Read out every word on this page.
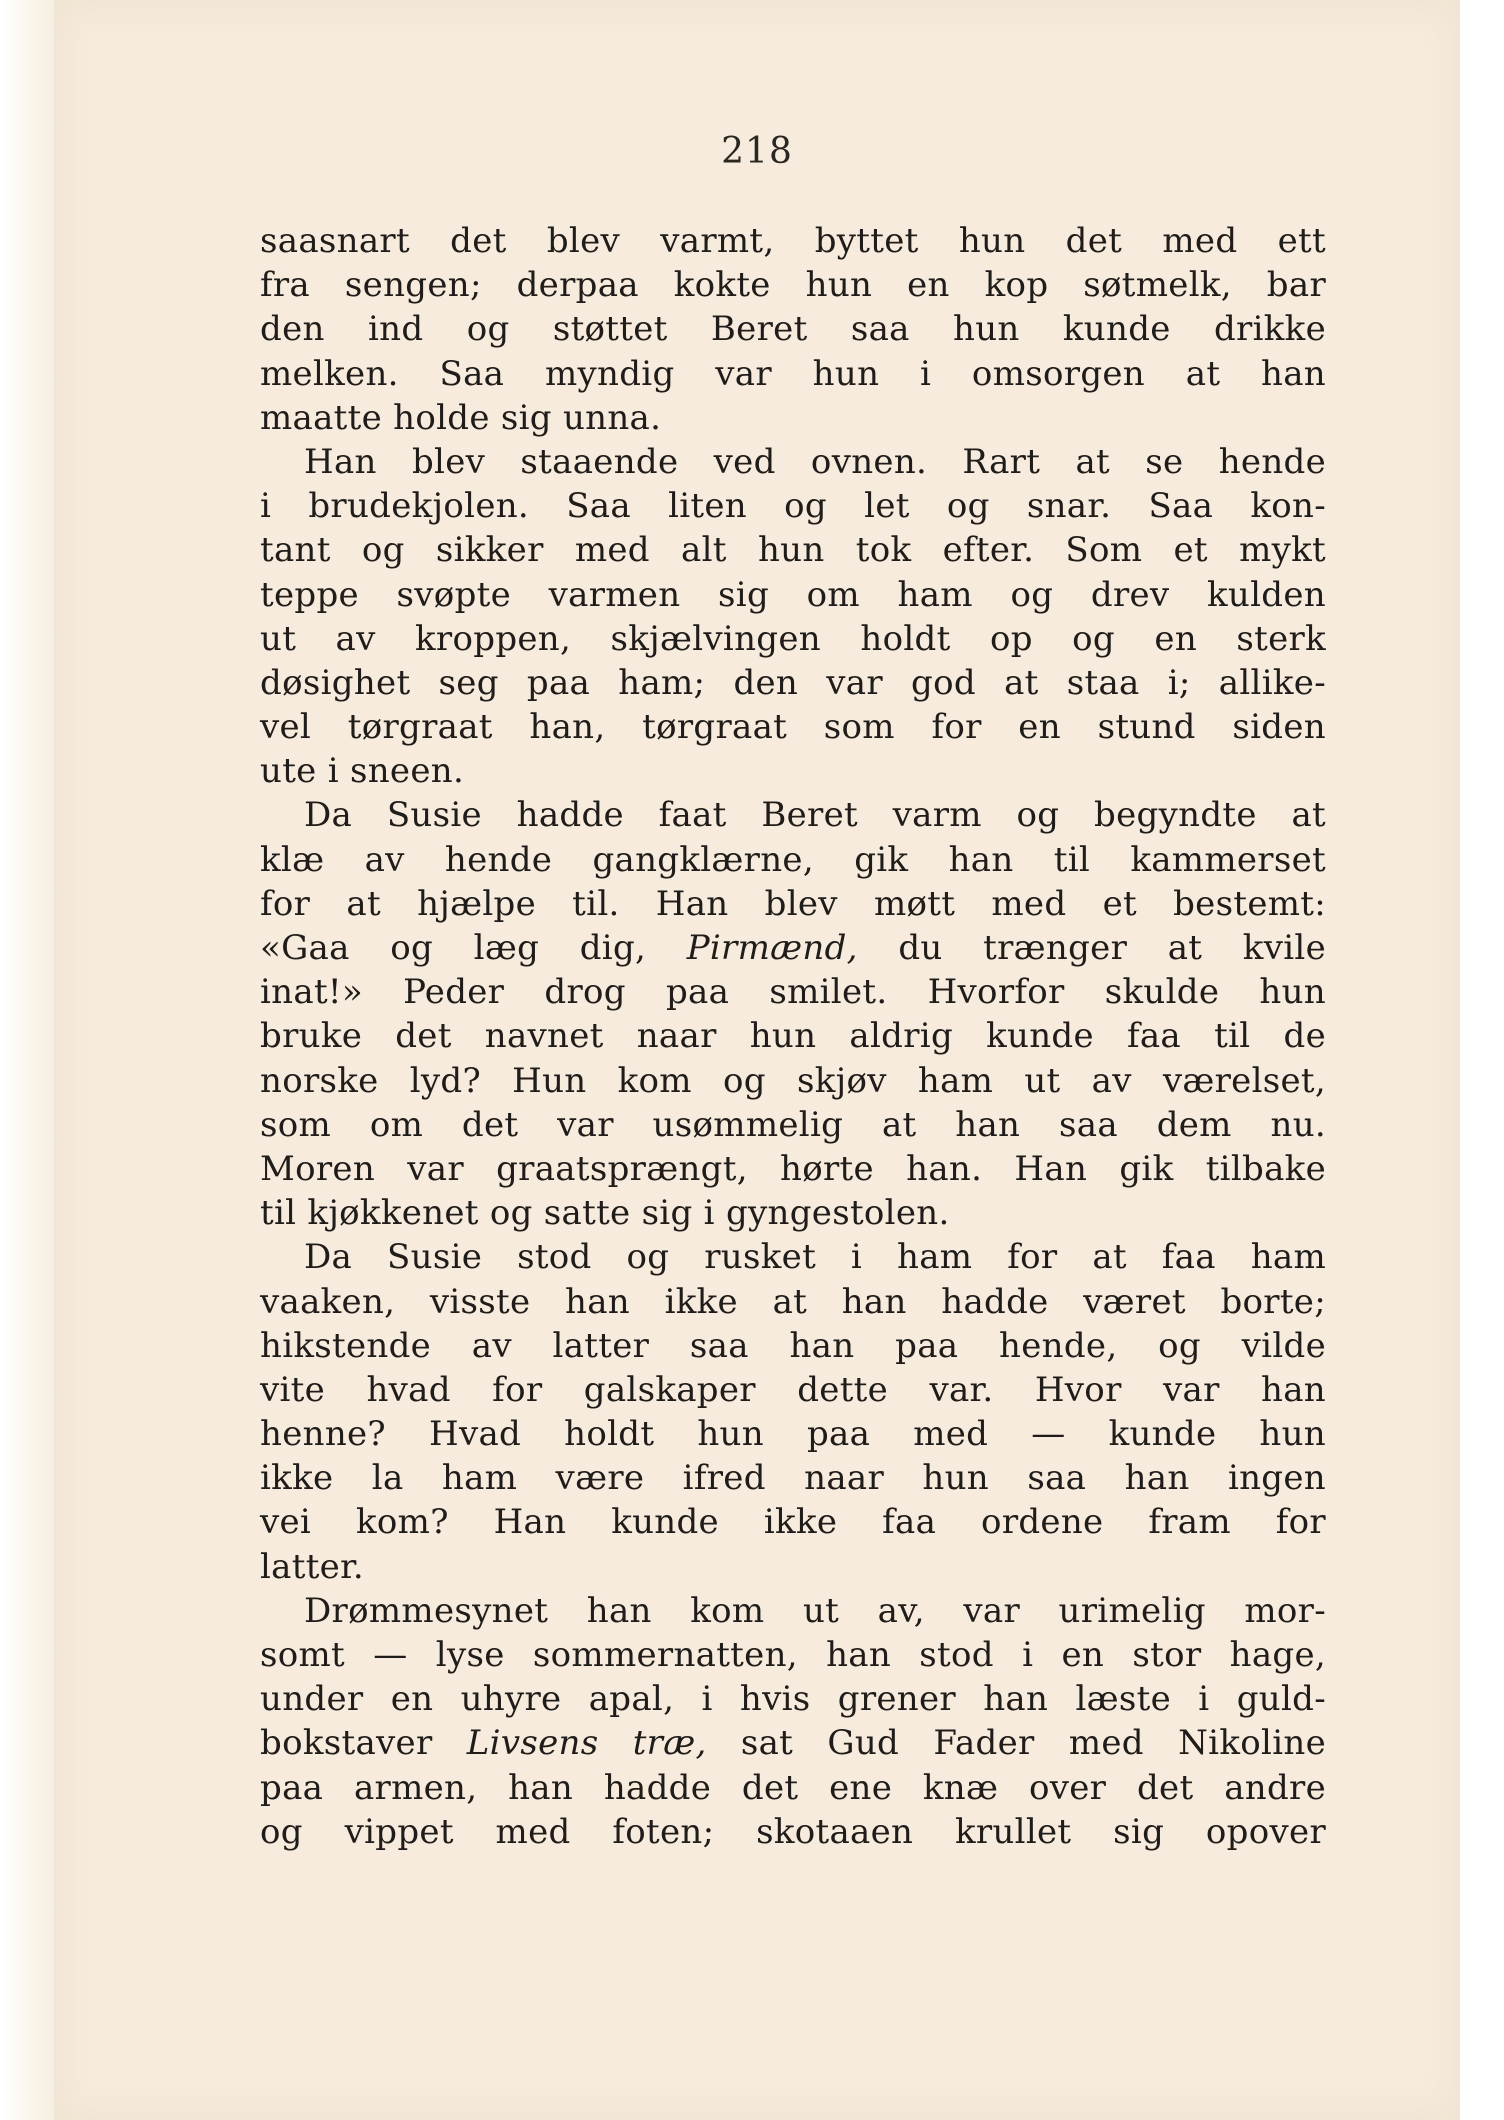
218
saasnart det blev varmt, byttet hun det med ett
fra sengen; derpaa kokte hun en kop søtmelk, bar
den ind og støttet Beret saa hun kunde drikke
melken. Saa myndig var hun i omsorgen at han
maatte holde sig unna.
Han blev staaende ved ovnen. Rart at se hende
i brudekjolen. Saa liten og let og snar. Saa kon-
tant og sikker med alt hun tok efter. Som et mykt
teppe svøpte varmen sig om ham og drev kulden
ut av kroppen, skjælvingen holdt op og en sterk
døsighet seg paa ham; den var god at staa i; allike-
vel tørgraat han, tørgraat som for en stund siden
ute i sneen.
Da Susie hadde faat Beret varm og begyndte at
klæ av hende gangklærne, gik han til kammerset
for at hjælpe til. Han blev møtt med et bestemt:
«Gaa og læg dig, Pirmænd, du trænger at kvile
inat!» Peder drog paa smilet. Hvorfor skulde hun
bruke det navnet naar hun aldrig kunde faa til de
norske lyd? Hun kom og skjøv ham ut av værelset,
som om det var usømmelig at han saa dem nu.
Moren var graatsprængt, hørte han. Han gik tilbake
til kjøkkenet og satte sig i gyngestolen.
Da Susie stod og rusket i ham for at faa ham
vaaken, visste han ikke at han hadde været borte;
hikstende av latter saa han paa hende, og vilde
vite hvad for galskaper dette var. Hvor var han
henne? Hvad holdt hun paa med — kunde hun
ikke la ham være ifred naar hun saa han ingen
vei kom? Han kunde ikke faa ordene fram for
latter.
Drømmesynet han kom ut av, var urimelig mor-
somt — lyse sommernatten, han stod i en stor hage,
under en uhyre apal, i hvis grener han læste i guld-
bokstaver Livsens træ, sat Gud Fader med Nikoline
paa armen, han hadde det ene knæ over det andre
og vippet med foten; skotaaen krullet sig opover
